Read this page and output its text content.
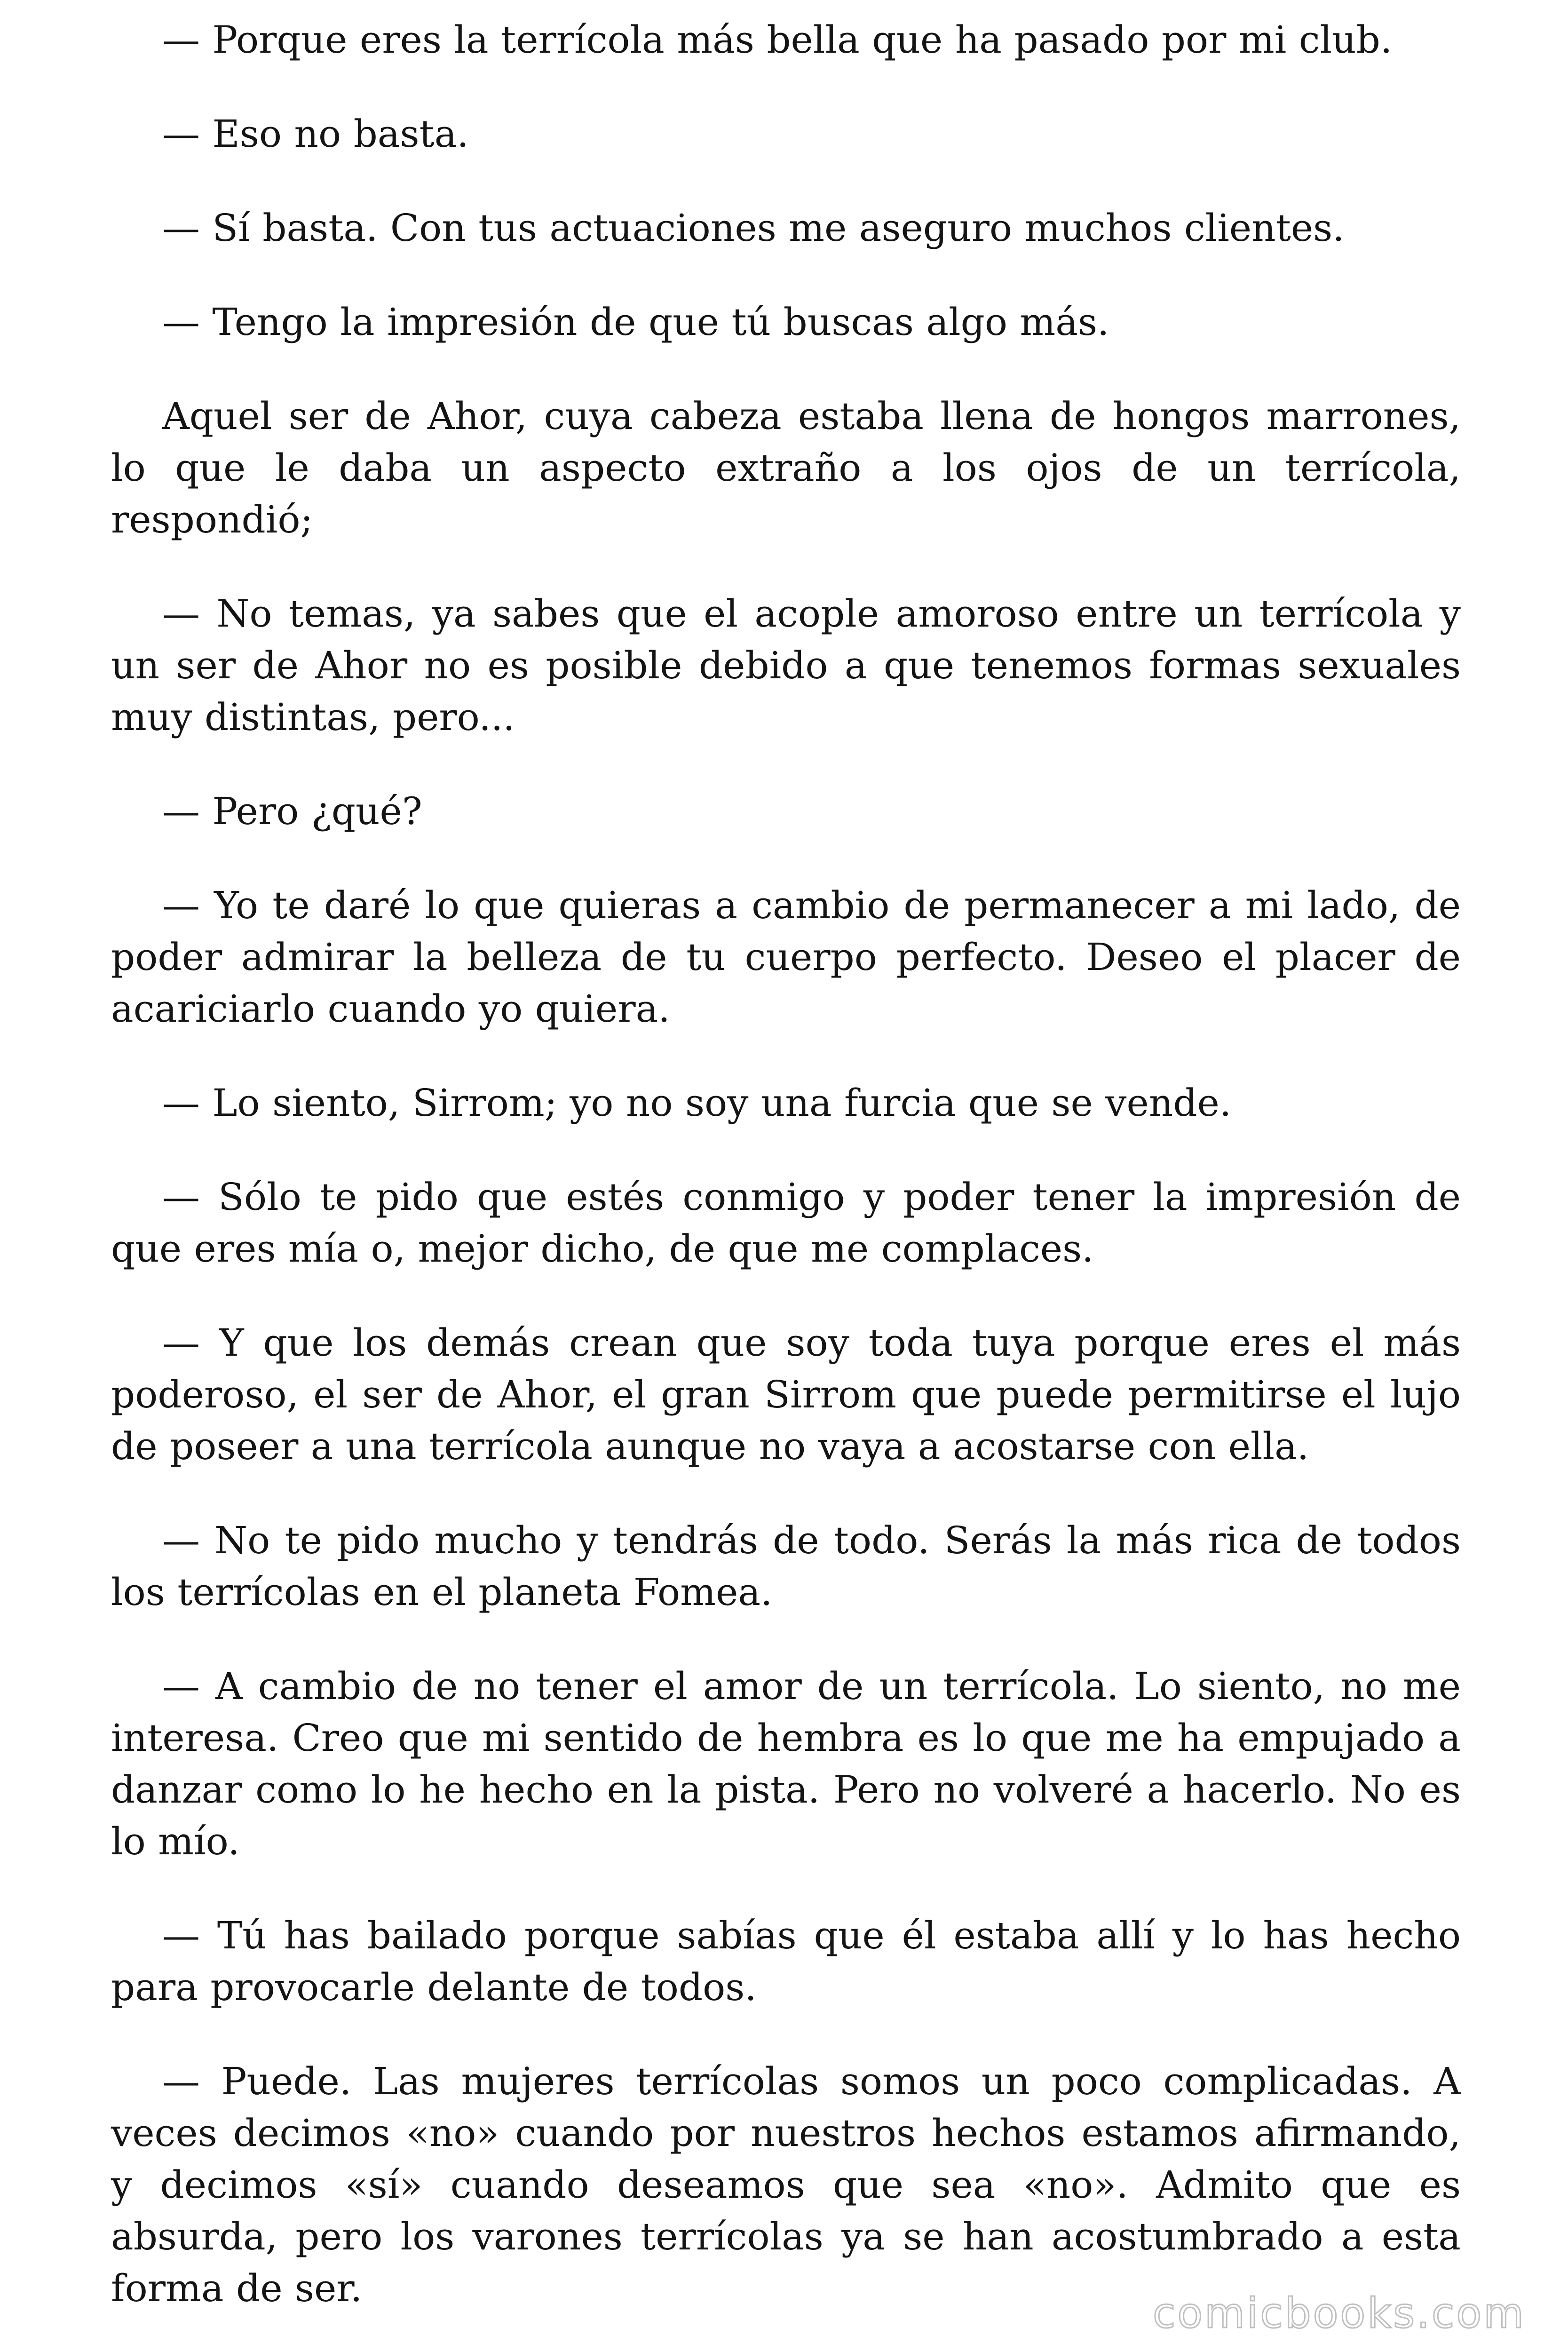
— Porque eres la terrícola más bella que ha pasado por mi club.

— Eso no basta.

— Sí basta. Con tus actuaciones me aseguro muchos clientes.

— Tengo la impresión de que tú buscas algo más.

Aquel ser de Ahor, cuya cabeza estaba llena de hongos marrones, lo que le daba un aspecto extraño a los ojos de un terrícola, respondió;

— No temas, ya sabes que el acople amoroso entre un terrícola y un ser de Ahor no es posible debido a que tenemos formas sexuales muy distintas, pero...

— Pero ¿qué?

— Yo te daré lo que quieras a cambio de permanecer a mi lado, de poder admirar la belleza de tu cuerpo perfecto. Deseo el placer de acariciarlo cuando yo quiera.

— Lo siento, Sirrom; yo no soy una furcia que se vende.

— Sólo te pido que estés conmigo y poder tener la impresión de que eres mía o, mejor dicho, de que me complaces.

— Y que los demás crean que soy toda tuya porque eres el más poderoso, el ser de Ahor, el gran Sirrom que puede permitirse el lujo de poseer a una terrícola aunque no vaya a acostarse con ella.

— No te pido mucho y tendrás de todo. Serás la más rica de todos los terrícolas en el planeta Fomea.

— A cambio de no tener el amor de un terrícola. Lo siento, no me interesa. Creo que mi sentido de hembra es lo que me ha empujado a danzar como lo he hecho en la pista. Pero no volveré a hacerlo. No es lo mío.

— Tú has bailado porque sabías que él estaba allí y lo has hecho para provocarle delante de todos.

— Puede. Las mujeres terrícolas somos un poco complicadas. A veces decimos «no» cuando por nuestros hechos estamos afirmando, y decimos «sí» cuando deseamos que sea «no». Admito que es absurda, pero los varones terrícolas ya se han acostumbrado a esta forma de ser.

comicbooks.com
